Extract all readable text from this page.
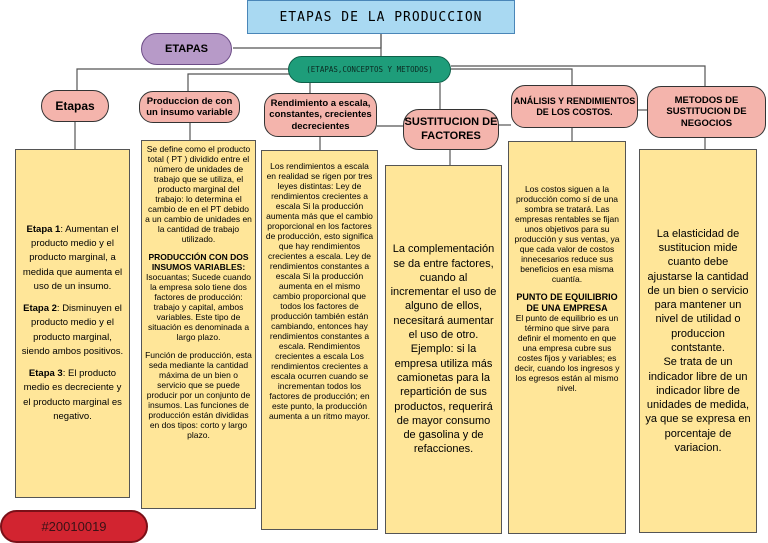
ETAPAS DE LA PRODUCCION
ETAPAS
(ETAPAS,CONCEPTOS Y METODOS)
Etapas	Produccion de con un insumo variable
Rendimiento a escala, constantes, crecientes decrecientes	SUSTITUCION DE FACTORES
ANÁLISIS Y RENDIMIENTOS DE LOS COSTOS.
METODOS DE SUSTITUCION DE NEGOCIOS
Etapa 1: Aumentan el producto medio y el producto marginal, a medida que aumenta el uso de un insumo.
Etapa 2: Disminuyen el producto medio y el producto marginal, siendo ambos positivos.
Etapa 3: El producto medio es decreciente y el producto marginal es negativo.
Se define como el producto total ( PT ) dividido entre el número de unidades de trabajo que se utiliza, el producto marginal del trabajo: lo determina el cambio de en el PT debido a un cambio de unidades en la cantidad de trabajo utilizado.
PRODUCCIÓN CON DOS INSUMOS VARIABLES:
Isocuantas; Sucede cuando la empresa solo tiene dos factores de producción: trabajo y capital, ambos variables. Este tipo de situación es denominada a largo plazo.
Función de producción, esta seda mediante la cantidad máxima de un bien o servicio que se puede producir por un conjunto de insumos. Las funciones de producción están divididas en dos tipos: corto y largo plazo.
Los rendimientos a escala en realidad se rigen por tres leyes distintas: Ley de rendimientos crecientes a escala Si la producción aumenta más que el cambio proporcional en los factores de producción, esto significa que hay rendimientos crecientes a escala. Ley de rendimientos constantes a escala Si la producción aumenta en el mismo cambio proporcional que todos los factores de producción también están cambiando, entonces hay rendimientos constantes a escala. Rendimientos crecientes a escala Los rendimientos crecientes a escala ocurren cuando se incrementan todos los factores de producción; en este punto, la producción aumenta a un ritmo mayor.
La complementación se da entre factores, cuando al incrementar el uso de alguno de ellos, necesitará aumentar el uso de otro. Ejemplo: si la empresa utiliza más camionetas para la repartición de sus productos, requerirá de mayor consumo de gasolina y de refacciones.
Los costos siguen a la producción como sí de una sombra se tratará. Las empresas rentables se fijan unos objetivos para su producción y sus ventas, ya que cada valor de costos innecesarios reduce sus beneficios en esa misma cuantía.
PUNTO DE EQUILIBRIO DE UNA EMPRESA
El punto de equilibrio es un término que sirve para definir el momento en que una empresa cubre sus costes fijos y variables; es decir, cuando los ingresos y los egresos están al mismo nivel.
La elasticidad de sustitucion mide cuanto debe ajustarse la cantidad de un bien o servicio para mantener un nivel de utilidad o produccion contstante.
Se trata de un indicador libre de un indicador libre de unidades de medida, ya que se expresa en porcentaje de variacion.
#20010019
